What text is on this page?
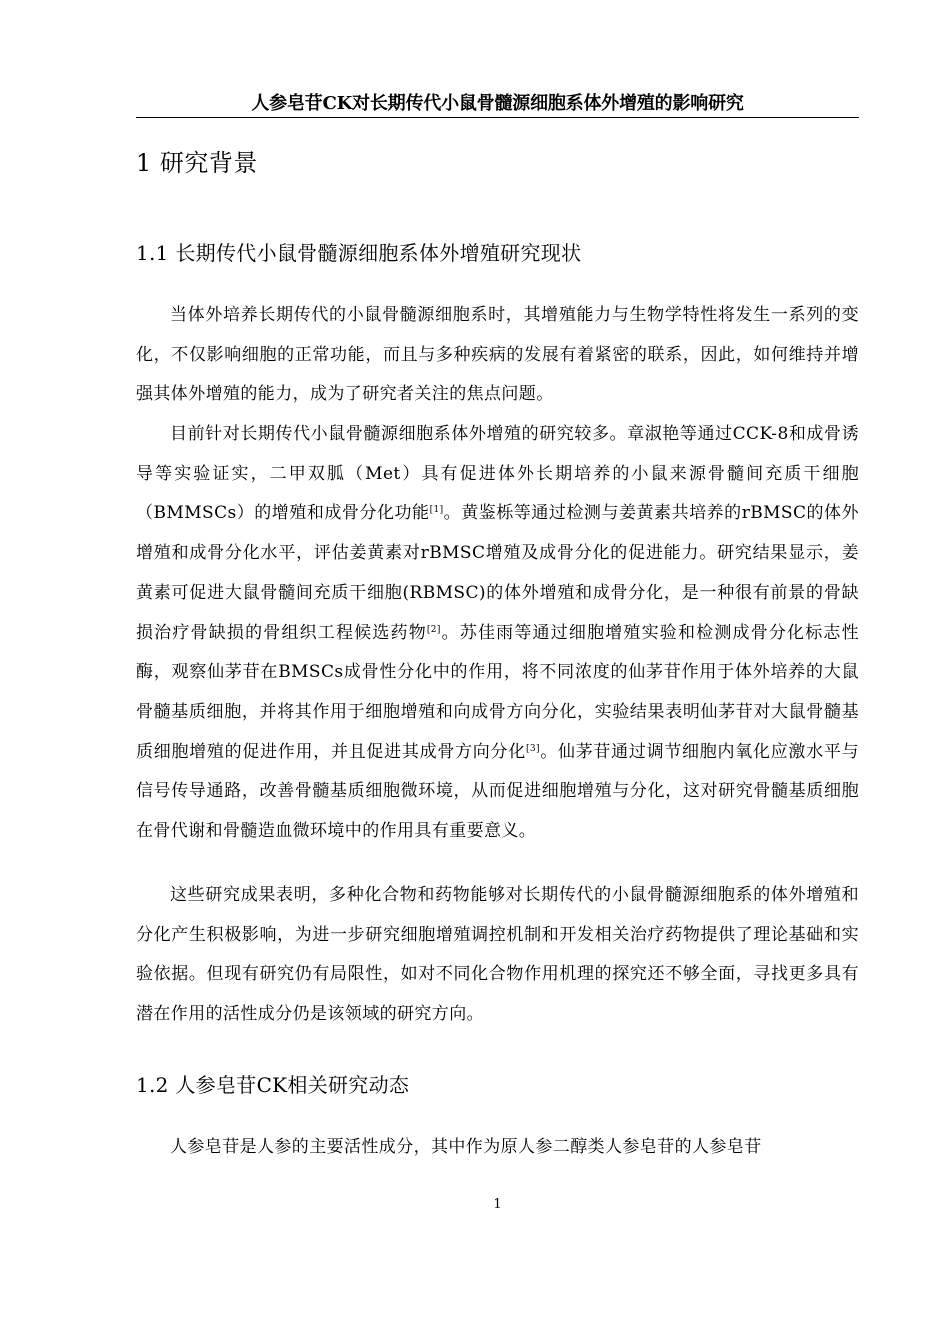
人参皂苷CK对长期传代小鼠骨髓源细胞系体外增殖的影响研究
1 研究背景
1.1 长期传代小鼠骨髓源细胞系体外增殖研究现状

当体外培养长期传代的小鼠骨髓源细胞系时，其增殖能力与生物学特性将发生一系列的变化，不仅影响细胞的正常功能，而且与多种疾病的发展有着紧密的联系，因此，如何维持并增强其体外增殖的能力，成为了研究者关注的焦点问题。

目前针对长期传代小鼠骨髓源细胞系体外增殖的研究较多。章淑艳等通过CCK-8和成骨诱导等实验证实，二甲双胍（Met）具有促进体外长期培养的小鼠来源骨髓间充质干细胞（BMMSCs）的增殖和成骨分化功能[1]。黄鉴栎等通过检测与姜黄素共培养的rBMSC的体外增殖和成骨分化水平，评估姜黄素对rBMSC增殖及成骨分化的促进能力。研究结果显示，姜黄素可促进大鼠骨髓间充质干细胞(RBMSC)的体外增殖和成骨分化，是一种很有前景的骨缺损治疗骨缺损的骨组织工程候选药物[2]。苏佳雨等通过细胞增殖实验和检测成骨分化标志性酶，观察仙茅苷在BMSCs成骨性分化中的作用，将不同浓度的仙茅苷作用于体外培养的大鼠骨髓基质细胞，并将其作用于细胞增殖和向成骨方向分化，实验结果表明仙茅苷对大鼠骨髓基质细胞增殖的促进作用，并且促进其成骨方向分化[3]。仙茅苷通过调节细胞内氧化应激水平与信号传导通路，改善骨髓基质细胞微环境，从而促进细胞增殖与分化，这对研究骨髓基质细胞在骨代谢和骨髓造血微环境中的作用具有重要意义。

这些研究成果表明，多种化合物和药物能够对长期传代的小鼠骨髓源细胞系的体外增殖和分化产生积极影响，为进一步研究细胞增殖调控机制和开发相关治疗药物提供了理论基础和实验依据。但现有研究仍有局限性，如对不同化合物作用机理的探究还不够全面，寻找更多具有潜在作用的活性成分仍是该领域的研究方向。

1.2 人参皂苷CK相关研究动态

人参皂苷是人参的主要活性成分，其中作为原人参二醇类人参皂苷的人参皂苷

1
